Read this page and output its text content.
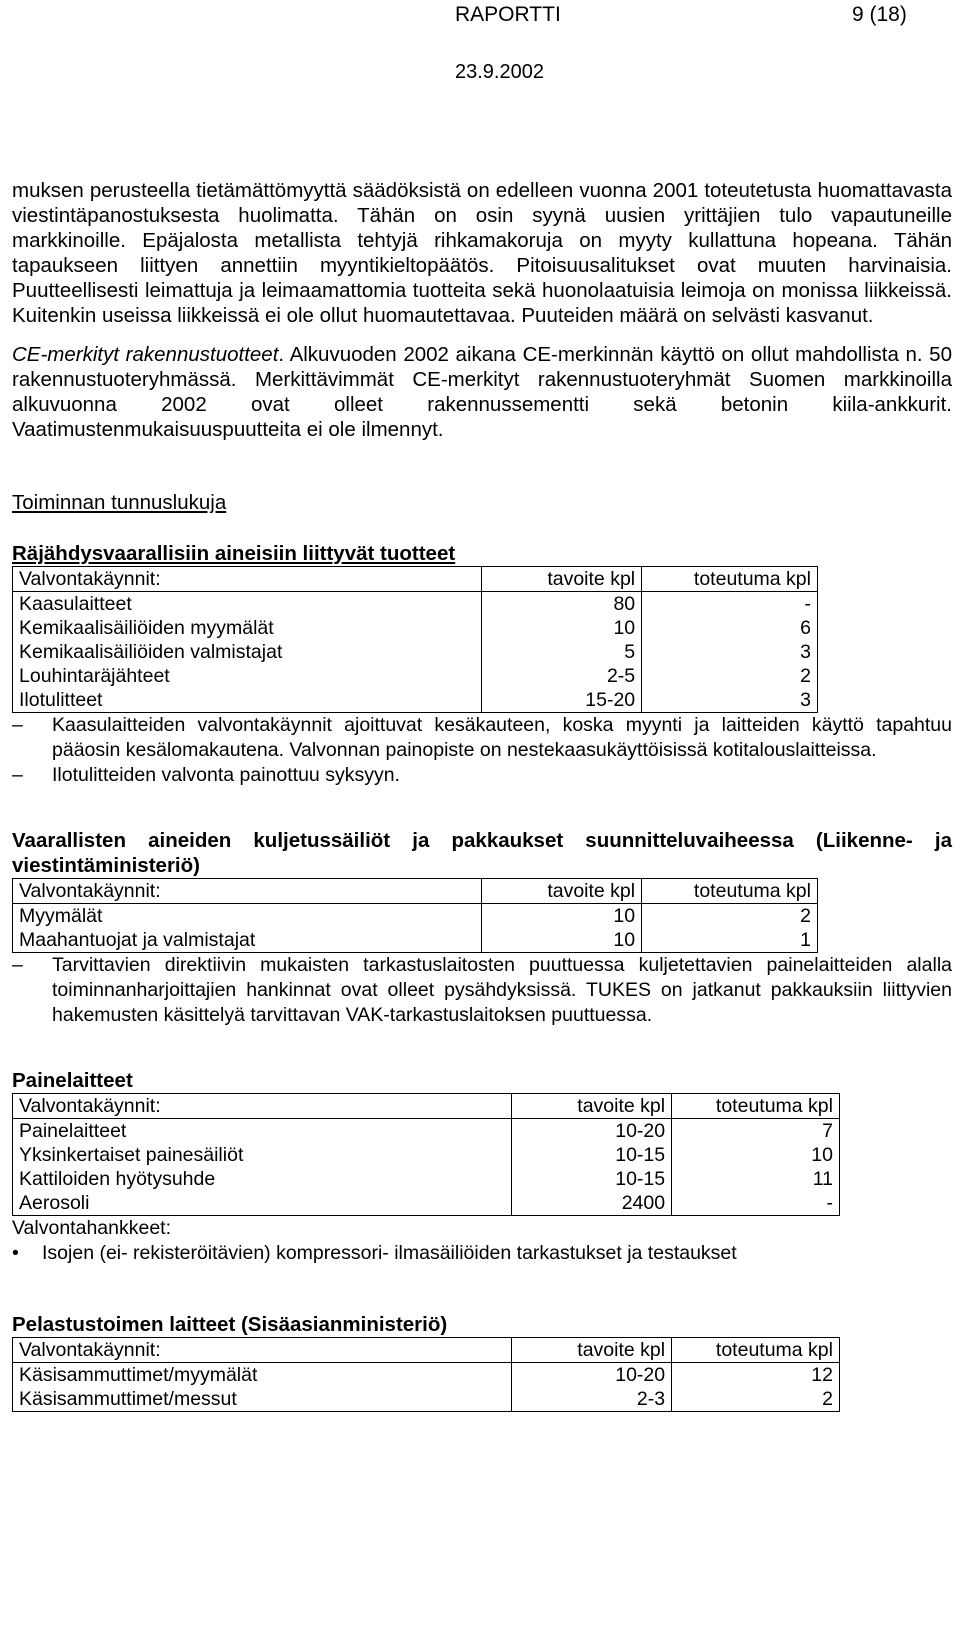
RAPORTTI	9 (18)
23.9.2002

muksen perusteella tietämättömyyttä säädöksistä on edelleen vuonna 2001 toteutetusta huomattavasta viestintäpanostuksesta huolimatta. Tähän on osin syynä uusien yrittäjien tulo vapautuneille markkinoille. Epäjalosta metallista tehtyjä rihkamakoruja on myyty kullattuna hopeana. Tähän tapaukseen liittyen annettiin myyntikieltopäätös. Pitoisuusalitukset ovat muuten harvinaisia. Puutteellisesti leimattuja ja leimaamattomia tuotteita sekä huonolaatuisia leimoja on monissa liikkeissä. Kuitenkin useissa liikkeissä ei ole ollut huomautettavaa. Puuteiden määrä on selvästi kasvanut.

CE-merkityt rakennustuotteet. Alkuvuoden 2002 aikana CE-merkinnän käyttö on ollut mahdollista n. 50 rakennustuoteryhmässä. Merkittävimmät CE-merkityt rakennustuoteryhmät Suomen markkinoilla alkuvuonna 2002 ovat olleet rakennussementti sekä betonin kiila-ankkurit. Vaatimustenmukaisuuspuutteita ei ole ilmennyt.

Toiminnan tunnuslukuja
Räjähdysvaarallisiin aineisiin liittyvät tuotteet
Valvontakäynnit:	tavoite kpl	toteutuma kpl
Kaasulaitteet	80	-
Kemikaalisäiliöiden myymälät	10	6
Kemikaalisäiliöiden valmistajat	5	3
Louhintaräjähteet	2-5	2
Ilotulitteet	15-20	3
–	Kaasulaitteiden valvontakäynnit ajoittuvat kesäkauteen, koska myynti ja laitteiden käyttö tapahtuu pääosin kesälomakautena. Valvonnan painopiste on nestekaasukäyttöisissä kotitalouslaitteissa.
–	Ilotulitteiden valvonta painottuu syksyyn.
Vaarallisten aineiden kuljetussäiliöt ja pakkaukset suunnitteluvaiheessa (Liikenne- ja viestintäministeriö)
Valvontakäynnit:	tavoite kpl	toteutuma kpl
Myymälät	10	2
Maahantuojat ja valmistajat	10	1
–	Tarvittavien direktiivin mukaisten tarkastuslaitosten puuttuessa kuljetettavien painelaitteiden alalla toiminnanharjoittajien hankinnat ovat olleet pysähdyksissä. TUKES on jatkanut pakkauksiin liittyvien hakemusten käsittelyä tarvittavan VAK-tarkastuslaitoksen puuttuessa.
Painelaitteet
Valvontakäynnit:	tavoite kpl	toteutuma kpl
Painelaitteet	10-20	7
Yksinkertaiset painesäiliöt	10-15	10
Kattiloiden hyötysuhde	10-15	11
Aerosoli	2400	-
Valvontahankkeet:
• Isojen (ei- rekisteröitävien) kompressori- ilmasäiliöiden tarkastukset ja testaukset
Pelastustoimen laitteet (Sisäasianministeriö)
Valvontakäynnit:	tavoite kpl	toteutuma kpl
Käsisammuttimet/myymälät	10-20	12
Käsisammuttimet/messut	2-3	2
